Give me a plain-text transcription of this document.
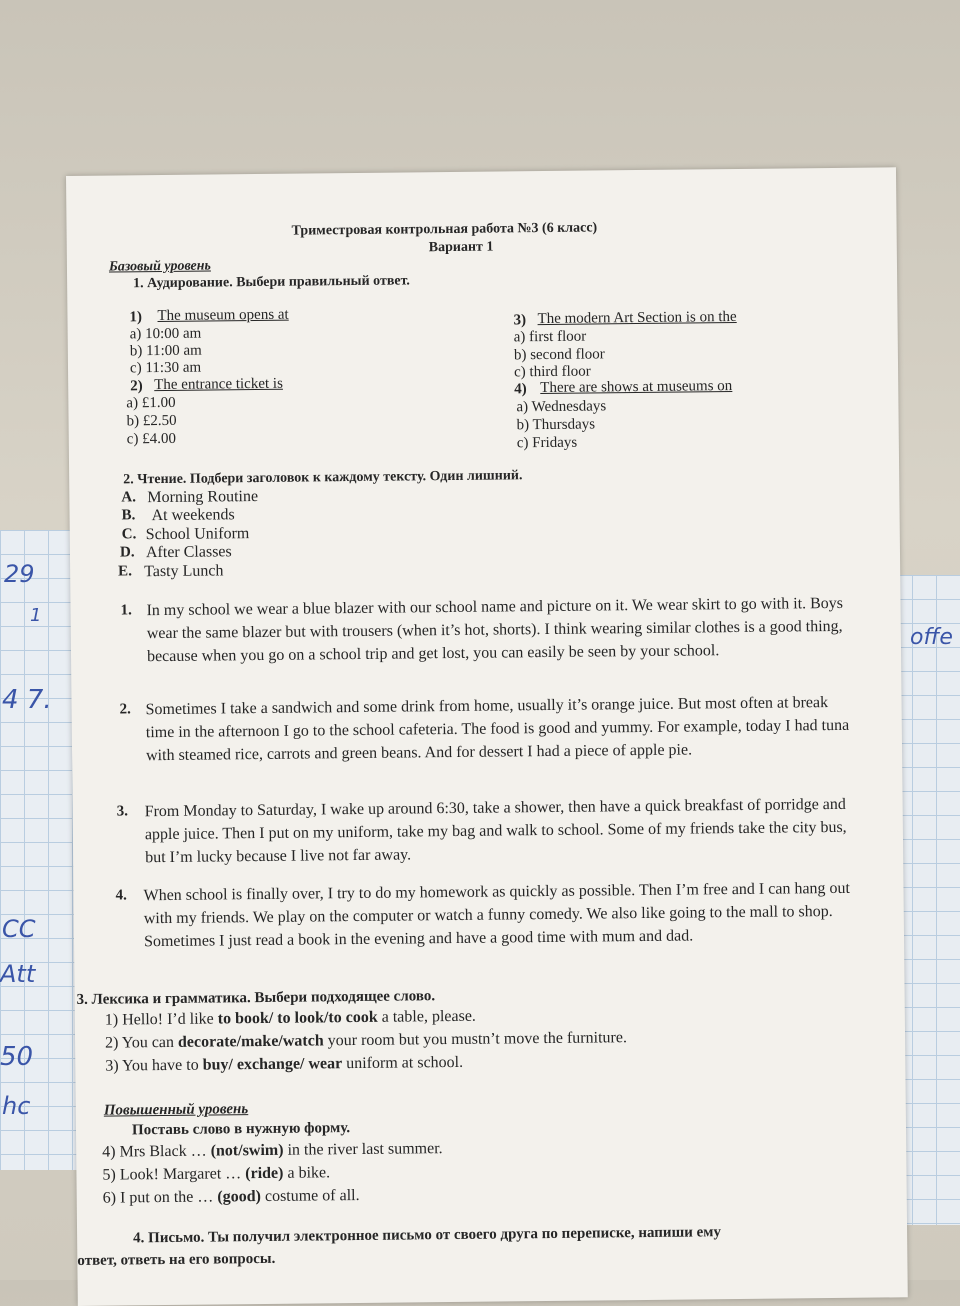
29
1
4 7.
CC
Att
50
hc
offe
Триместровая контрольная работа №3 (6 класс)
Вариант 1
Базовый уровень
1. Аудирование. Выбери правильный ответ.
1) The museum opens at
a) 10:00 am
b) 11:00 am
c) 11:30 am
2) The entrance ticket is
a) £1.00
b) £2.50
c) £4.00
3) The modern Art Section is on the
a) first floor
b) second floor
c) third floor
4) There are shows at museums on
a) Wednesdays
b) Thursdays
c) Fridays
2. Чтение. Подбери заголовок к каждому тексту. Один лишний.
A. Morning Routine
B. At weekends
C. School Uniform
D. After Classes
E. Tasty Lunch
1. In my school we wear a blue blazer with our school name and picture on it. We wear skirt to go with it. Boys wear the same blazer but with trousers (when it’s hot, shorts). I think wearing similar clothes is a good thing, because when you go on a school trip and get lost, you can easily be seen by your school.
2. Sometimes I take a sandwich and some drink from home, usually it’s orange juice. But most often at break time in the afternoon I go to the school cafeteria. The food is good and yummy. For example, today I had tuna with steamed rice, carrots and green beans. And for dessert I had a piece of apple pie.
3. From Monday to Saturday, I wake up around 6:30, take a shower, then have a quick breakfast of porridge and apple juice. Then I put on my uniform, take my bag and walk to school. Some of my friends take the city bus, but I’m lucky because I live not far away.
4. When school is finally over, I try to do my homework as quickly as possible. Then I’m free and I can hang out with my friends. We play on the computer or watch a funny comedy. We also like going to the mall to shop. Sometimes I just read a book in the evening and have a good time with mum and dad.
3. Лексика и грамматика. Выбери подходящее слово.
1) Hello! I’d like to book/ to look/to cook a table, please.
2) You can decorate/make/watch your room but you mustn’t move the furniture.
3) You have to buy/ exchange/ wear uniform at school.
Повышенный уровень
Поставь слово в нужную форму.
4) Mrs Black … (not/swim) in the river last summer.
5) Look! Margaret … (ride) a bike.
6) I put on the … (good) costume of all.
4. Письмо. Ты получил электронное письмо от своего друга по переписке, напиши ему
ответ, ответь на его вопросы.
